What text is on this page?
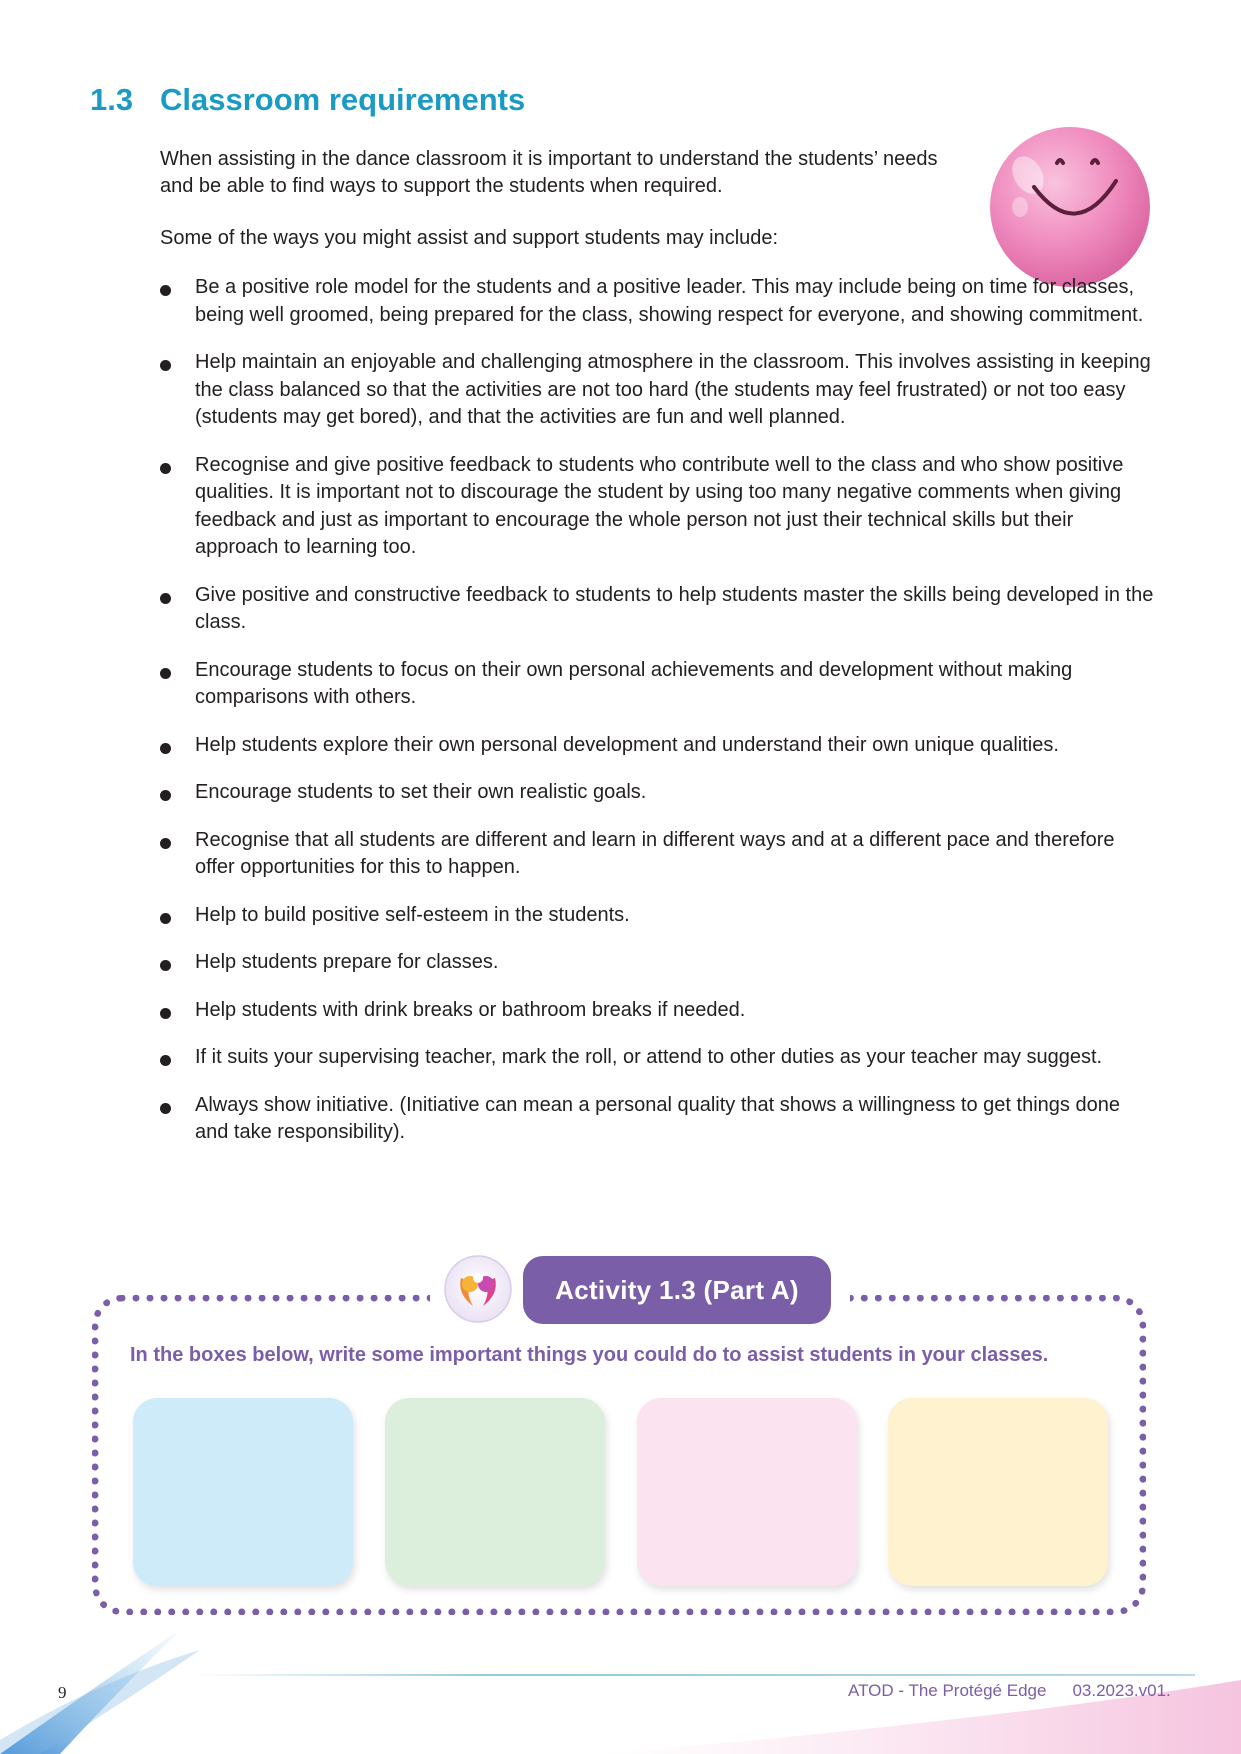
1.3 Classroom requirements

When assisting in the dance classroom it is important to understand the students’ needs and be able to find ways to support the students when required.

Some of the ways you might assist and support students may include:

Be a positive role model for the students and a positive leader. This may include being on time for classes, being well groomed, being prepared for the class, showing respect for everyone, and showing commitment.
Help maintain an enjoyable and challenging atmosphere in the classroom. This involves assisting in keeping the class balanced so that the activities are not too hard (the students may feel frustrated) or not too easy (students may get bored), and that the activities are fun and well planned.
Recognise and give positive feedback to students who contribute well to the class and who show positive qualities. It is important not to discourage the student by using too many negative comments when giving feedback and just as important to encourage the whole person not just their technical skills but their approach to learning too.
Give positive and constructive feedback to students to help students master the skills being developed in the class.
Encourage students to focus on their own personal achievements and development without making comparisons with others.
Help students explore their own personal development and understand their own unique qualities.
Encourage students to set their own realistic goals.
Recognise that all students are different and learn in different ways and at a different pace and therefore offer opportunities for this to happen.
Help to build positive self-esteem in the students.
Help students prepare for classes.
Help students with drink breaks or bathroom breaks if needed.
If it suits your supervising teacher, mark the roll, or attend to other duties as your teacher may suggest.
Always show initiative. (Initiative can mean a personal quality that shows a willingness to get things done and take responsibility).
Activity 1.3 (Part A)

In the boxes below, write some important things you could do to assist students in your classes.

9	ATOD - The Protégé Edge 03.2023.v01.
